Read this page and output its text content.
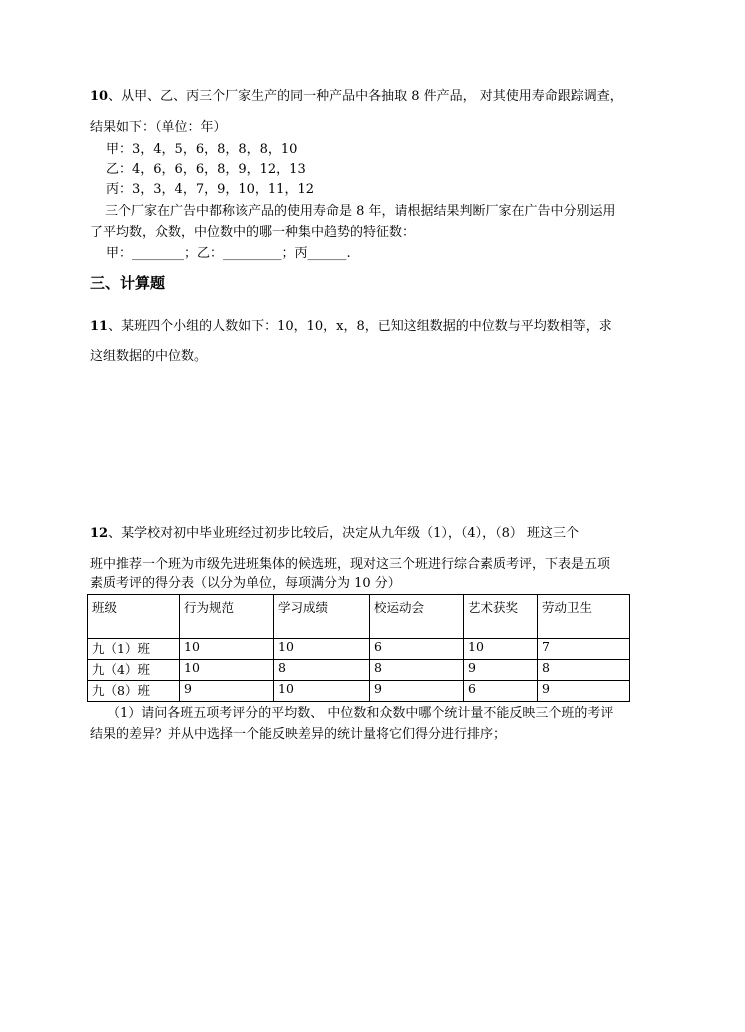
10、从甲、乙、丙三个厂家生产的同一种产品中各抽取 8 件产品， 对其使用寿命跟踪调查，
结果如下：（单位：年）
甲：3，4，5，6，8，8，8，10
乙：4，6，6，6，8，9，12，13
丙：3，3，4，7，9，10，11，12
三个厂家在广告中都称该产品的使用寿命是 8 年，请根据结果判断厂家在广告中分别运用
了平均数，众数，中位数中的哪一种集中趋势的特征数：
甲：________；乙：_________；丙______.
三、计算题
11、某班四个小组的人数如下：10，10，x，8，已知这组数据的中位数与平均数相等，求
这组数据的中位数。
12、某学校对初中毕业班经过初步比较后，决定从九年级（1），（4），（8） 班这三个
班中推荐一个班为市级先进班集体的候选班，现对这三个班进行综合素质考评，下表是五项
素质考评的得分表（以分为单位，每项满分为 10 分）
班级	行为规范	学习成绩	校运动会	艺术获奖	劳动卫生
九（1）班	10	10	6	10	7
九（4）班	10	8	8	9	8
九（8）班	9	10	9	6	9
（1）请问各班五项考评分的平均数、 中位数和众数中哪个统计量不能反映三个班的考评
结果的差异？并从中选择一个能反映差异的统计量将它们得分进行排序；
